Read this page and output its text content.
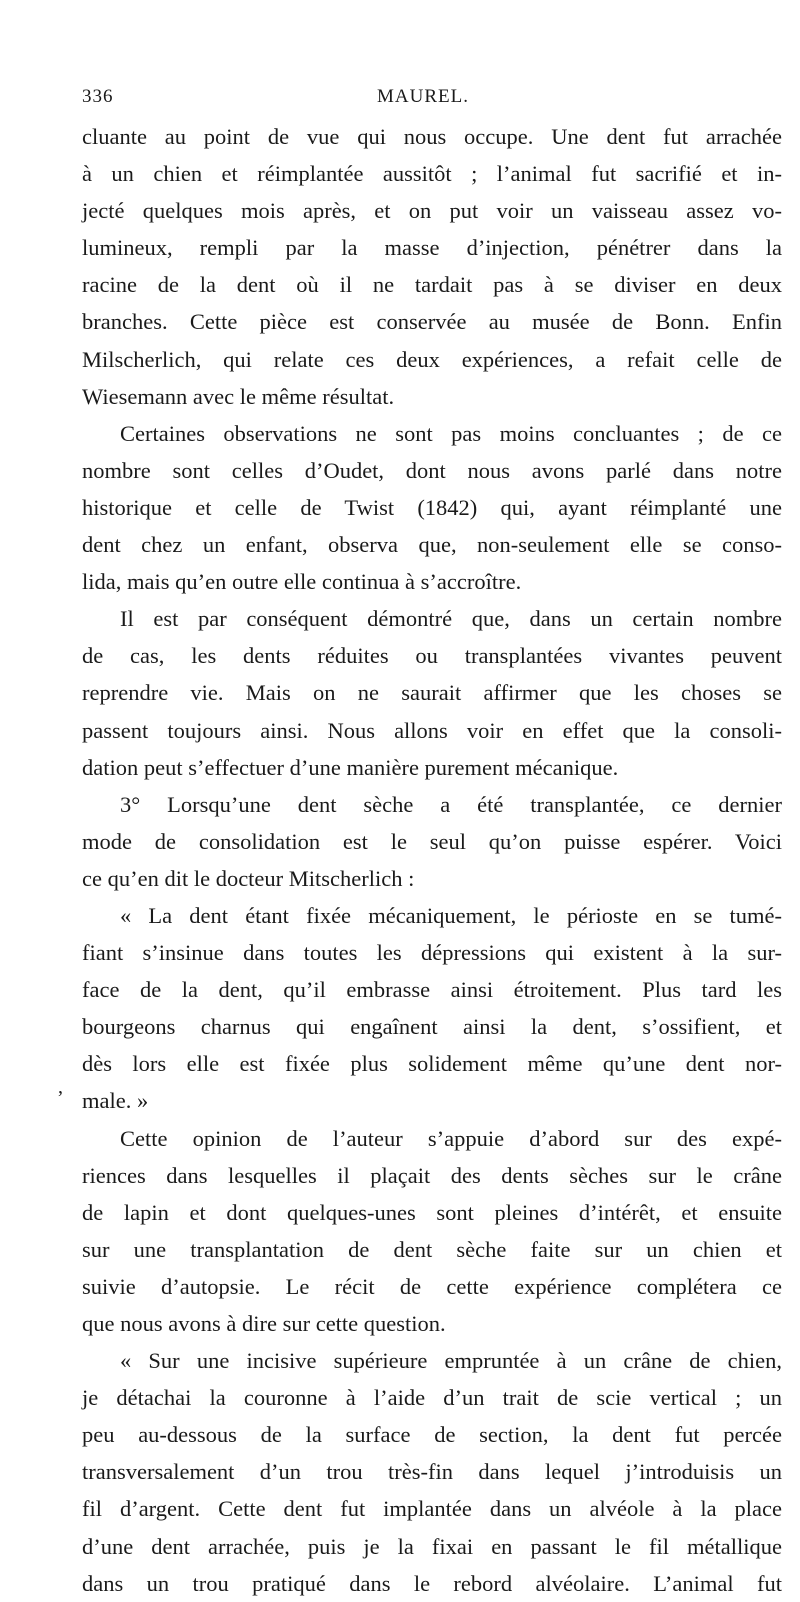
336	MAUREL.
,
cluante au point de vue qui nous occupe. Une dent fut arrachée
à un chien et réimplantée aussitôt ; l’animal fut sacrifié et in-
jecté quelques mois après, et on put voir un vaisseau assez vo-
lumineux, rempli par la masse d’injection, pénétrer dans la
racine de la dent où il ne tardait pas à se diviser en deux
branches. Cette pièce est conservée au musée de Bonn. Enfin
Milscherlich, qui relate ces deux expériences, a refait celle de
Wiesemann avec le même résultat.
Certaines observations ne sont pas moins concluantes ; de ce
nombre sont celles d’Oudet, dont nous avons parlé dans notre
historique et celle de Twist (1842) qui, ayant réimplanté une
dent chez un enfant, observa que, non-seulement elle se conso-
lida, mais qu’en outre elle continua à s’accroître.
Il est par conséquent démontré que, dans un certain nombre
de cas, les dents réduites ou transplantées vivantes peuvent
reprendre vie. Mais on ne saurait affirmer que les choses se
passent toujours ainsi. Nous allons voir en effet que la consoli-
dation peut s’effectuer d’une manière purement mécanique.
3° Lorsqu’une dent sèche a été transplantée, ce dernier
mode de consolidation est le seul qu’on puisse espérer. Voici
ce qu’en dit le docteur Mitscherlich :
« La dent étant fixée mécaniquement, le périoste en se tumé-
fiant s’insinue dans toutes les dépressions qui existent à la sur-
face de la dent, qu’il embrasse ainsi étroitement. Plus tard les
bourgeons charnus qui engaînent ainsi la dent, s’ossifient, et
dès lors elle est fixée plus solidement même qu’une dent nor-
male. »
Cette opinion de l’auteur s’appuie d’abord sur des expé-
riences dans lesquelles il plaçait des dents sèches sur le crâne
de lapin et dont quelques-unes sont pleines d’intérêt, et ensuite
sur une transplantation de dent sèche faite sur un chien et
suivie d’autopsie. Le récit de cette expérience complétera ce
que nous avons à dire sur cette question.
« Sur une incisive supérieure empruntée à un crâne de chien,
je détachai la couronne à l’aide d’un trait de scie vertical ; un
peu au-dessous de la surface de section, la dent fut percée
transversalement d’un trou très-fin dans lequel j’introduisis un
fil d’argent. Cette dent fut implantée dans un alvéole à la place
d’une dent arrachée, puis je la fixai en passant le fil métallique
dans un trou pratiqué dans le rebord alvéolaire. L’animal fut
